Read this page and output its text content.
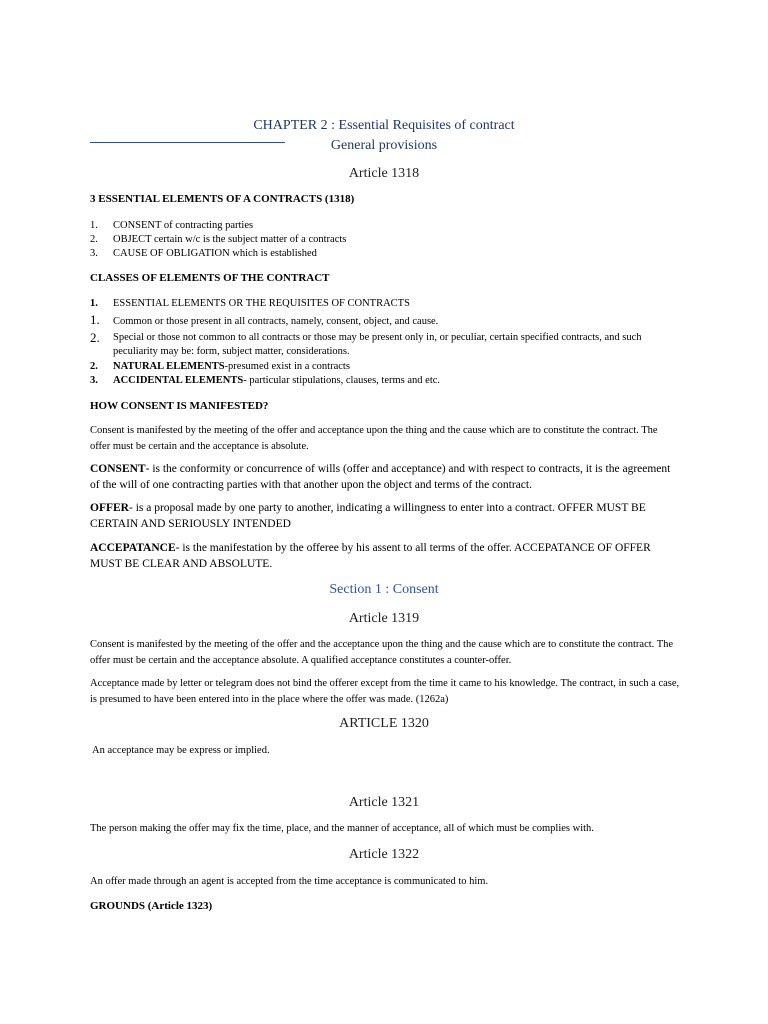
CHAPTER 2 : Essential Requisites of contract
General provisions
Article 1318
3 ESSENTIAL ELEMENTS OF A CONTRACTS (1318)
1. CONSENT of contracting parties
2. OBJECT certain w/c is the subject matter of a contracts
3. CAUSE OF OBLIGATION which is established
CLASSES OF ELEMENTS OF THE CONTRACT
1. ESSENTIAL ELEMENTS OR THE REQUISITES OF CONTRACTS
1. Common or those present in all contracts, namely, consent, object, and cause.
2. Special or those not common to all contracts or those may be present only in, or peculiar, certain specified contracts, and such peculiarity may be: form, subject matter, considerations.
2. NATURAL ELEMENTS-presumed exist in a contracts
3. ACCIDENTAL ELEMENTS- particular stipulations, clauses, terms and etc.
HOW CONSENT IS MANIFESTED?
Consent is manifested by the meeting of the offer and acceptance upon the thing and the cause which are to constitute the contract. The offer must be certain and the acceptance is absolute.
CONSENT- is the conformity or concurrence of wills (offer and acceptance) and with respect to contracts, it is the agreement of the will of one contracting parties with that another upon the object and terms of the contract.
OFFER- is a proposal made by one party to another, indicating a willingness to enter into a contract. OFFER MUST BE CERTAIN AND SERIOUSLY INTENDED
ACCEPATANCE- is the manifestation by the offeree by his assent to all terms of the offer. ACCEPATANCE OF OFFER MUST BE CLEAR AND ABSOLUTE.
Section 1 : Consent
Article 1319
Consent is manifested by the meeting of the offer and the acceptance upon the thing and the cause which are to constitute the contract. The offer must be certain and the acceptance absolute. A qualified acceptance constitutes a counter-offer.
Acceptance made by letter or telegram does not bind the offerer except from the time it came to his knowledge. The contract, in such a case, is presumed to have been entered into in the place where the offer was made. (1262a)
ARTICLE 1320
An acceptance may be express or implied.
Article 1321
The person making the offer may fix the time, place, and the manner of acceptance, all of which must be complies with.
Article 1322
An offer made through an agent is accepted from the time acceptance is communicated to him.
GROUNDS (Article 1323)
